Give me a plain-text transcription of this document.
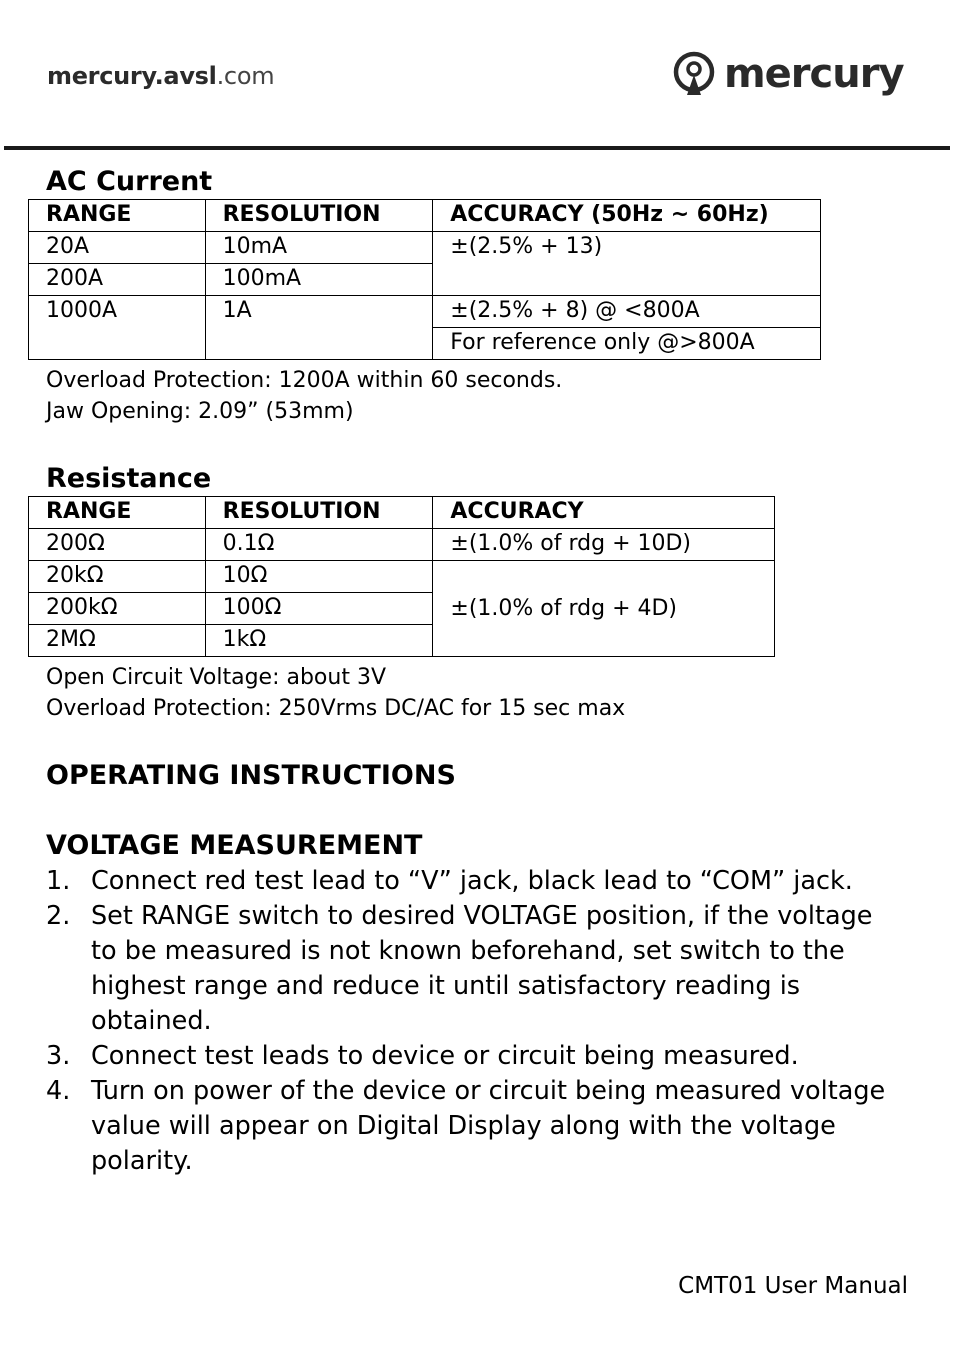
mercury.avsl.com	mercury
AC Current
RANGE	RESOLUTION	ACCURACY (50Hz ~ 60Hz)
20A	10mA	±(2.5% + 13)
200A	100mA	
1000A	1A	±(2.5% + 8) @ <800A
		For reference only @>800A
Overload Protection: 1200A within 60 seconds.
Jaw Opening: 2.09” (53mm)
Resistance
RANGE	RESOLUTION	ACCURACY
200Ω	0.1Ω	±(1.0% of rdg + 10D)
20kΩ	10Ω	±(1.0% of rdg + 4D)
200kΩ	100Ω	
2MΩ	1kΩ	
Open Circuit Voltage: about 3V
Overload Protection: 250Vrms DC/AC for 15 sec max
OPERATING INSTRUCTIONS
VOLTAGE MEASUREMENT
1. Connect red test lead to “V” jack, black lead to “COM” jack.
2. Set RANGE switch to desired VOLTAGE position, if the voltage to be measured is not known beforehand, set switch to the highest range and reduce it until satisfactory reading is obtained.
3. Connect test leads to device or circuit being measured.
4. Turn on power of the device or circuit being measured voltage value will appear on Digital Display along with the voltage polarity.
CMT01 User Manual
